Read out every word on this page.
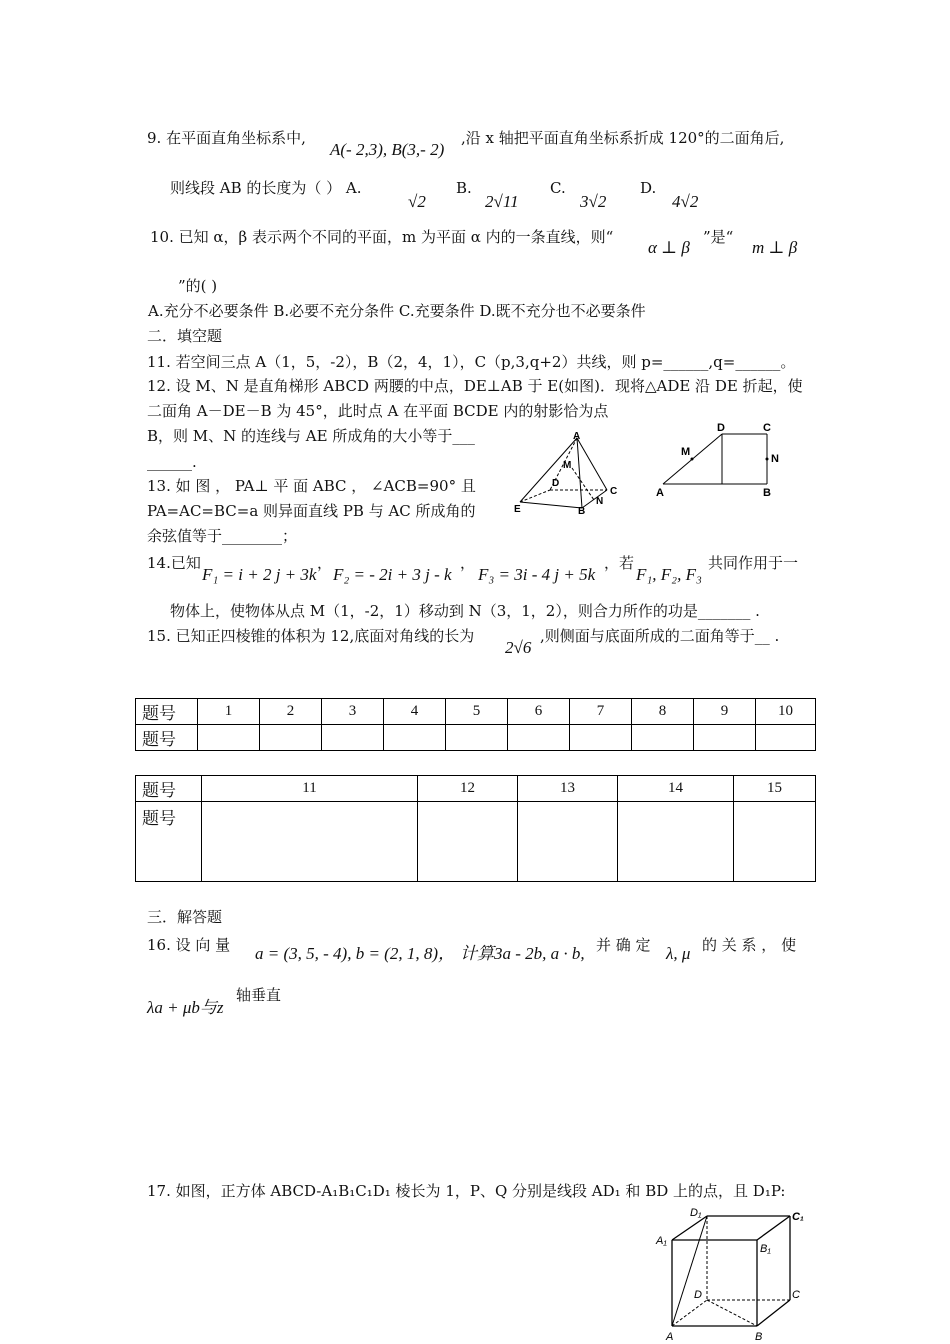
9. 在平面直角坐标系中,
A(- 2,3), B(3,- 2)
,沿 x 轴把平面直角坐标系折成 120°的二面角后,
则线段 AB 的长度为（ ） A.
√2
B.
2√11
C.
3√2
D.
4√2
10. 已知 α，β 表示两个不同的平面，m 为平面 α 内的一条直线，则“
α ⊥ β
”是“
m ⊥ β
”的( )
A.充分不必要条件 B.必要不充分条件 C.充要条件 D.既不充分也不必要条件
二．填空题
11. 若空间三点 A（1，5，-2），B（2，4，1），C（p,3,q+2）共线，则 p=______,q=______。
12. 设 M、N 是直角梯形 ABCD 两腰的中点，DE⊥AB 于 E(如图)．现将△ADE 沿 DE 折起，使
二面角 A－DE－B 为 45°，此时点 A 在平面 BCDE 内的射影恰为点
B，则 M、N 的连线与 AE 所成角的大小等于___
______.
13. 如 图 ， PA⊥ 平 面 ABC ， ∠ACB=90° 且
PA=AC=BC=a 则异面直线 PB 与 AC 所成角的
余弦值等于________；
A
M
D
C
N
E	B
D	C
M
N
A	B
14.已知
F₁ = i + 2 j + 3k
，
F₂ = - 2i + 3 j - k
，
F₃ = 3i - 4 j + 5k
，若
F₁, F₂, F₃
共同作用于一
物体上，使物体从点 M（1，-2，1）移动到 N（3，1，2），则合力所作的功是_______ .
15. 已知正四棱锥的体积为 12,底面对角线的长为
2√6
,则侧面与底面所成的二面角等于__ .
题号	1	2	3	4	5	6	7	8	9	10
题号										
题号	11	12	13	14	15
题号					
三．解答题
16. 设 向 量 a = (3, 5, - 4), b = (2, 1, 8)， 计算3a - 2b, a · b, 并 确 定 λ, μ 的 关 系 ， 使
λa + μb与z
轴垂直
17. 如图，正方体 ABCD-A₁B₁C₁D₁ 棱长为 1，P、Q 分别是线段 AD₁ 和 BD 上的点，且 D₁P:
D₁	C₁
A₁
B₁
D	C
A	B
